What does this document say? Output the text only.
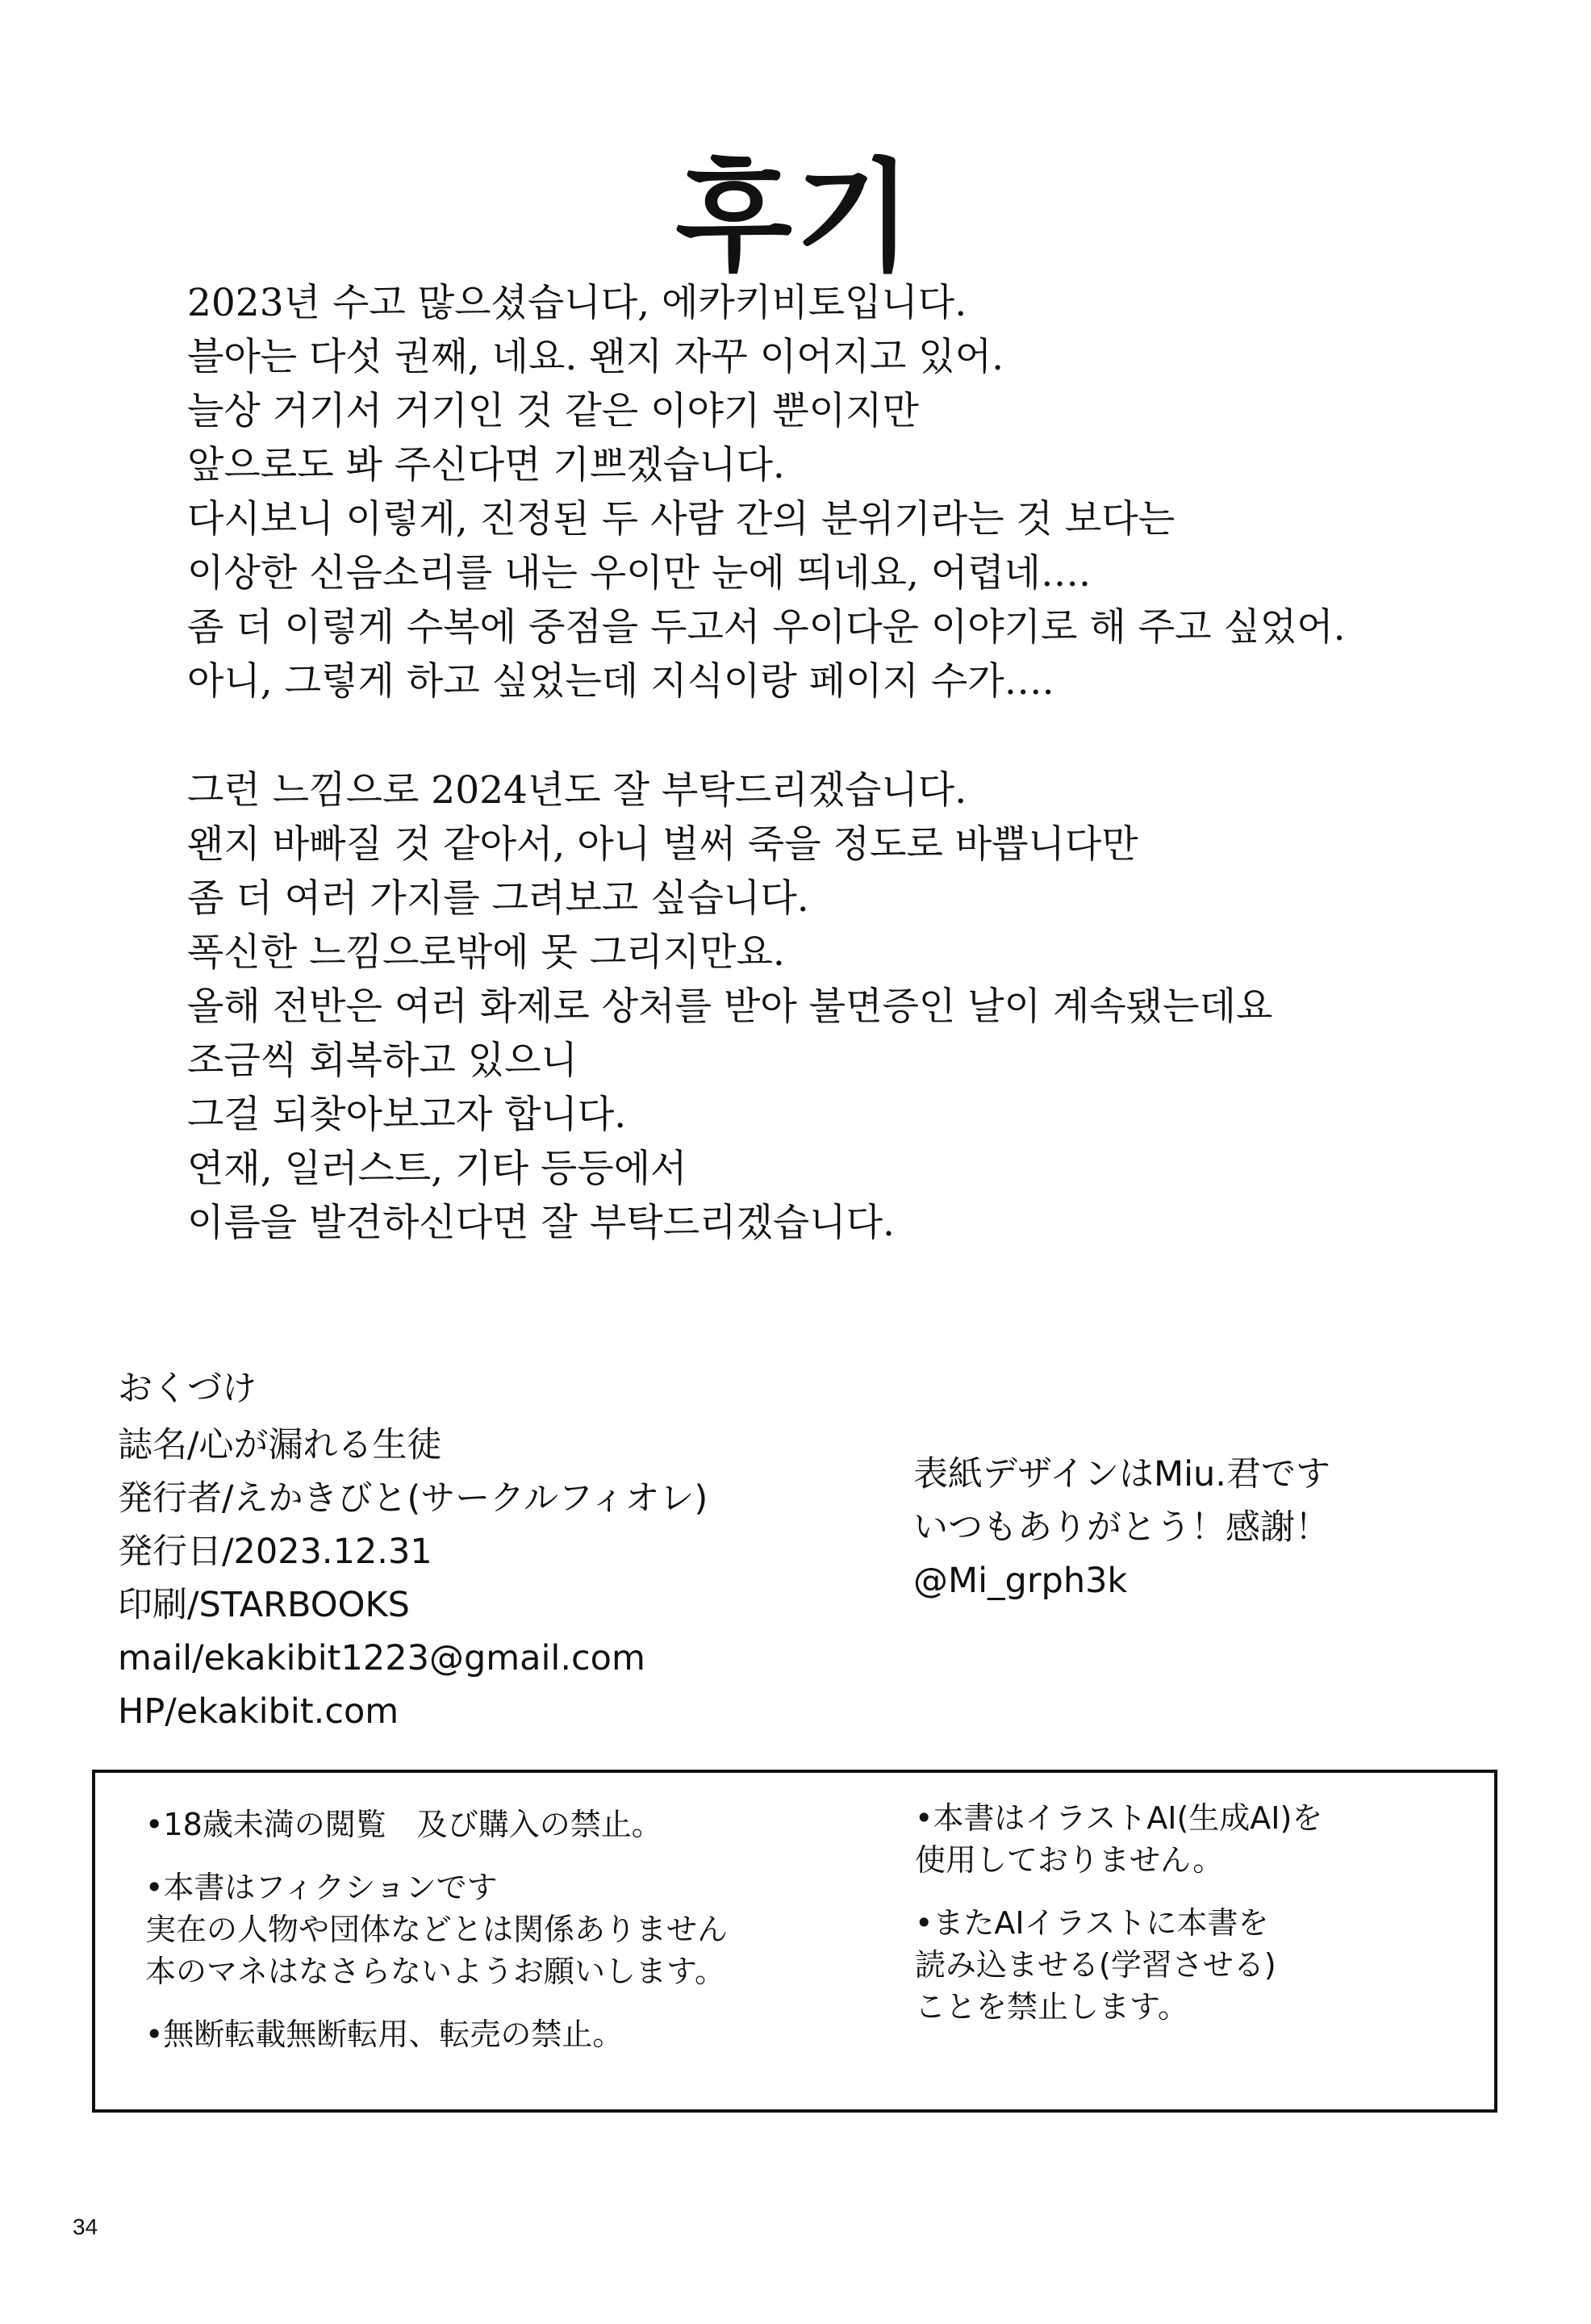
후기
2023년 수고 많으셨습니다, 에카키비토입니다.
블아는 다섯 권째, 네요. 왠지 자꾸 이어지고 있어.
늘상 거기서 거기인 것 같은 이야기 뿐이지만
앞으로도 봐 주신다면 기쁘겠습니다.
다시보니 이렇게, 진정된 두 사람 간의 분위기라는 것 보다는
이상한 신음소리를 내는 우이만 눈에 띄네요, 어렵네….
좀 더 이렇게 수복에 중점을 두고서 우이다운 이야기로 해 주고 싶었어.
아니, 그렇게 하고 싶었는데 지식이랑 페이지 수가….
그런 느낌으로 2024년도 잘 부탁드리겠습니다.
왠지 바빠질 것 같아서, 아니 벌써 죽을 정도로 바쁩니다만
좀 더 여러 가지를 그려보고 싶습니다.
폭신한 느낌으로밖에 못 그리지만요.
올해 전반은 여러 화제로 상처를 받아 불면증인 날이 계속됐는데요
조금씩 회복하고 있으니
그걸 되찾아보고자 합니다.
연재, 일러스트, 기타 등등에서
이름을 발견하신다면 잘 부탁드리겠습니다.
おくづけ
誌名/心が漏れる生徒
発行者/えかきびと(サークルフィオレ)
発行日/2023.12.31
印刷/STARBOOKS
mail/ekakibit1223@gmail.com
HP/ekakibit.com
表紙デザインはMiu.君です
いつもありがとう！感謝！
@Mi_grph3k
•18歳未満の閲覧　及び購入の禁止。
•本書はフィクションです
実在の人物や団体などとは関係ありません
本のマネはなさらないようお願いします。
•無断転載無断転用、転売の禁止。
•本書はイラストAI(生成AI)を
使用しておりません。
•またAIイラストに本書を
読み込ませる(学習させる)
ことを禁止します。
34
